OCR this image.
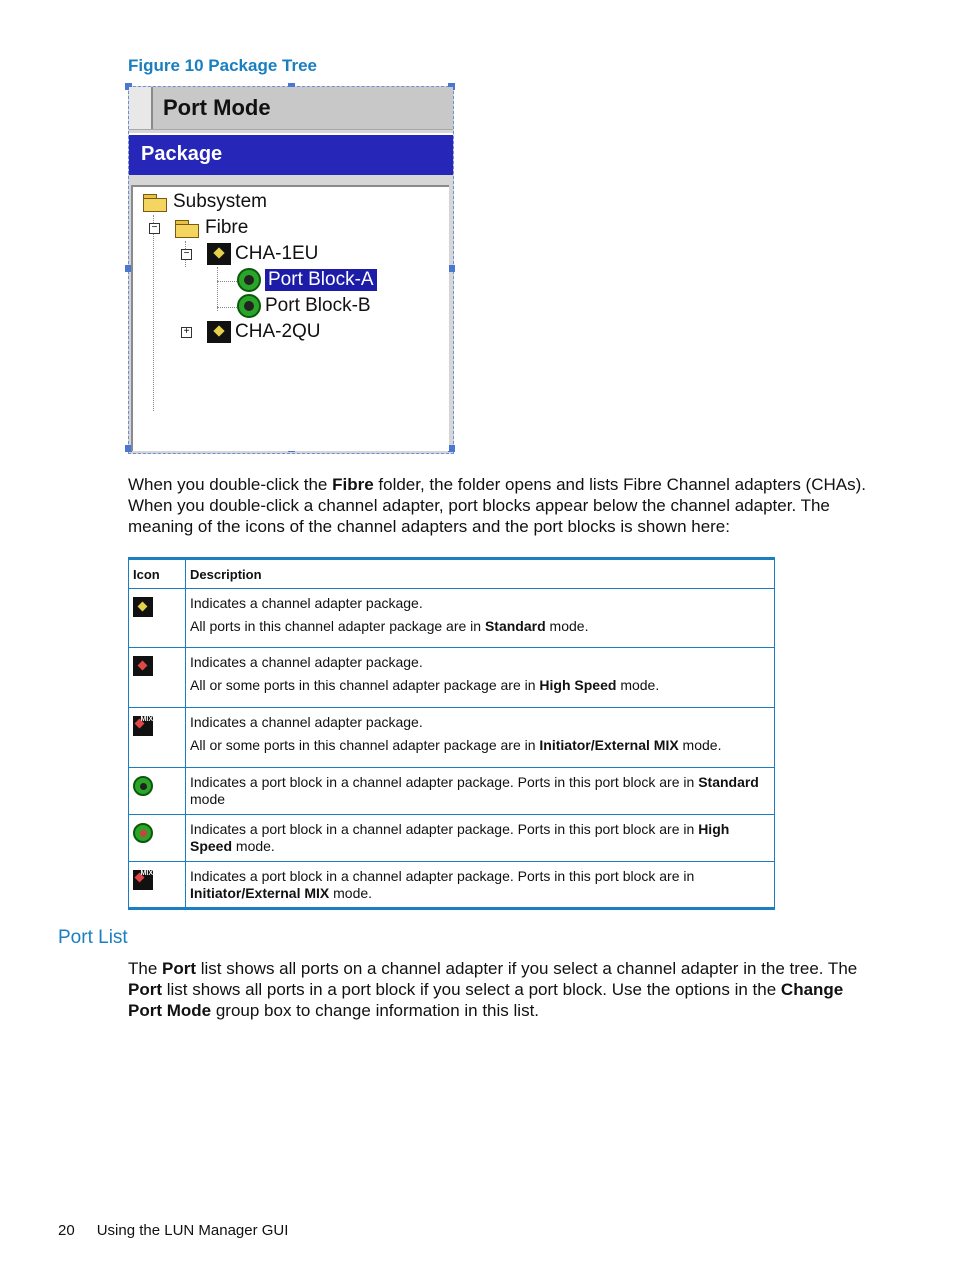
Figure 10 Package Tree
Port Mode
Package
Subsystem
−	Fibre
− CHA-1EU
Port Block-A
Port Block-B
+ CHA-2QU

When you double-click the Fibre folder, the folder opens and lists Fibre Channel adapters (CHAs). When you double-click a channel adapter, port blocks appear below the channel adapter. The meaning of the icons of the channel adapters and the port blocks is shown here:

Icon	Description

	Indicates a channel adapter package.

All ports in this channel adapter package are in Standard mode.

	Indicates a channel adapter package.

All or some ports in this channel adapter package are in High Speed mode.

MIX	Indicates a channel adapter package.

All or some ports in this channel adapter package are in Initiator/External MIX mode.

	Indicates a port block in a channel adapter package. Ports in this port block are in Standard mode

	Indicates a port block in a channel adapter package. Ports in this port block are in High Speed mode.

MIX	Indicates a port block in a channel adapter package. Ports in this port block are in Initiator/External MIX mode.

Port List

The Port list shows all ports on a channel adapter if you select a channel adapter in the tree. The Port list shows all ports in a port block if you select a port block. Use the options in the Change Port Mode group box to change information in this list.

20 Using the LUN Manager GUI
